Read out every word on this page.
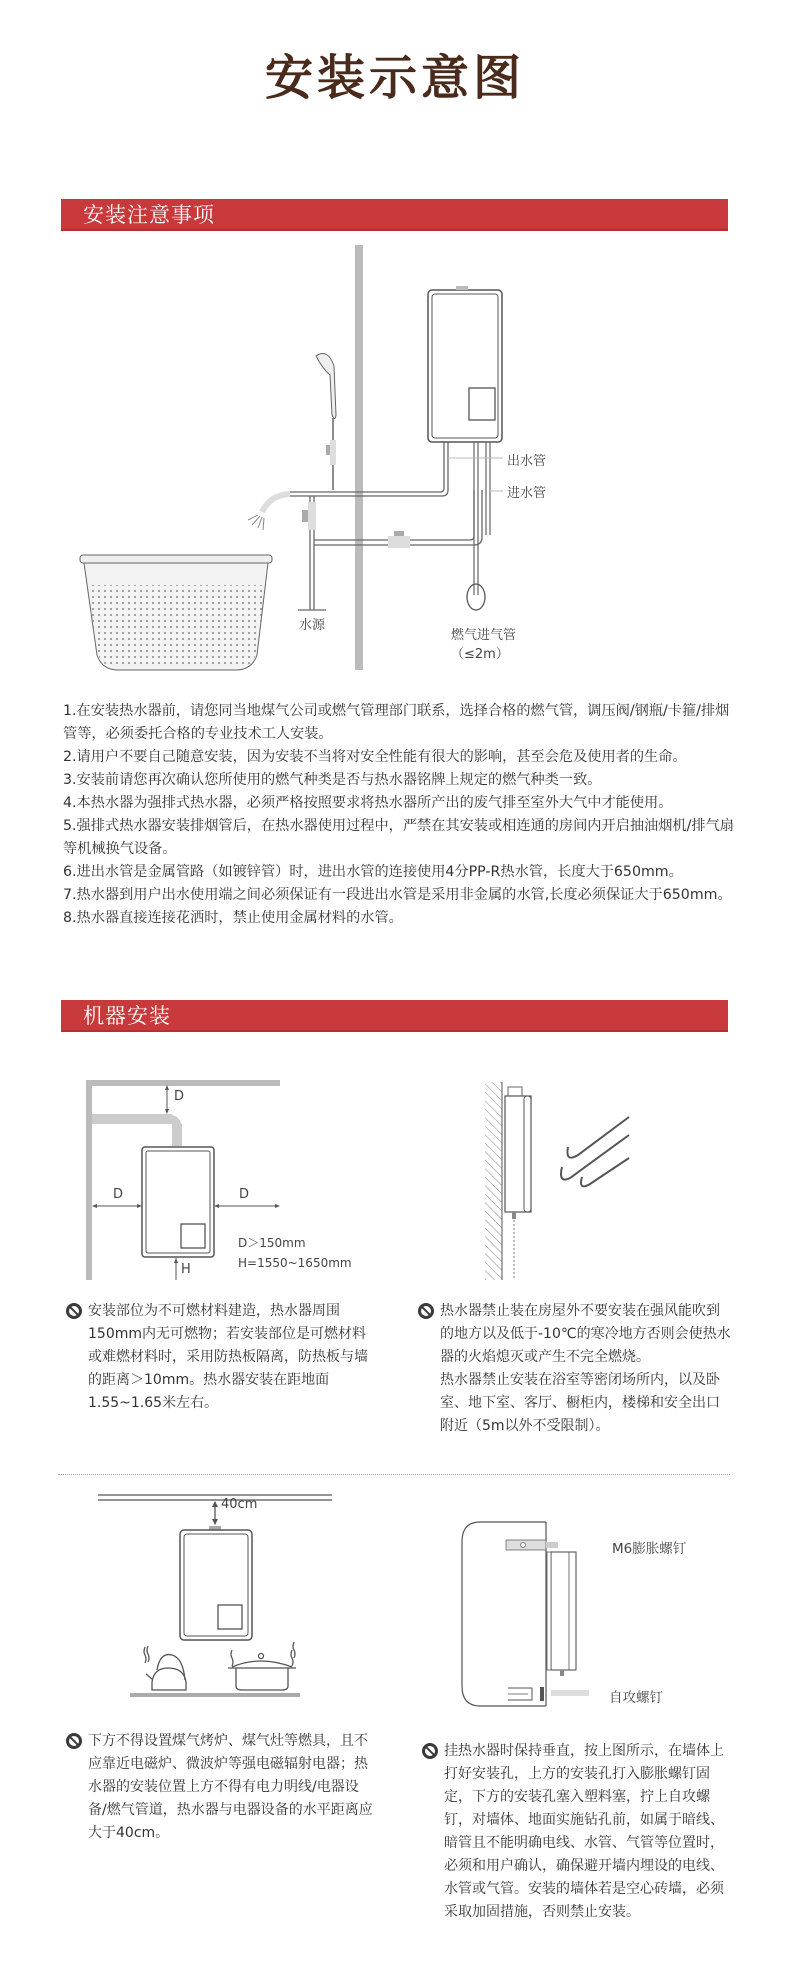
安装示意图
安装注意事项
出水管
进水管
水源
燃气进气管
（≤2m）

1.在安装热水器前，请您同当地煤气公司或燃气管理部门联系，选择合格的燃气管，调压阀/钢瓶/卡箍/排烟管等，必须委托合格的专业技术工人安装。

2.请用户不要自己随意安装，因为安装不当将对安全性能有很大的影响，甚至会危及使用者的生命。

3.安装前请您再次确认您所使用的燃气种类是否与热水器铭牌上规定的燃气种类一致。

4.本热水器为强排式热水器，必须严格按照要求将热水器所产出的废气排至室外大气中才能使用。

5.强排式热水器安装排烟管后，在热水器使用过程中，严禁在其安装或相连通的房间内开启抽油烟机/排气扇等机械换气设备。

6.进出水管是金属管路（如镀锌管）时，进出水管的连接使用4分PP-R热水管，长度大于650mm。

7.热水器到用户出水使用端之间必须保证有一段进出水管是采用非金属的水管,长度必须保证大于650mm。

8.热水器直接连接花洒时，禁止使用金属材料的水管。

机器安装
D
D	D
H
D＞150mm
H=1550~1650mm
安装部位为不可燃材料建造，热水器周围150mm内无可燃物；若安装部位是可燃材料或难燃材料时，采用防热板隔离，防热板与墙的距离＞10mm。热水器安装在距地面1.55~1.65米左右。
热水器禁止装在房屋外不要安装在强风能吹到的地方以及低于-10℃的寒冷地方否则会使热水器的火焰熄灭或产生不完全燃烧。
热水器禁止安装在浴室等密闭场所内，以及卧室、地下室、客厅、橱柜内，楼梯和安全出口附近（5m以外不受限制）。
40cm
下方不得设置煤气烤炉、煤气灶等燃具，且不应靠近电磁炉、微波炉等强电磁辐射电器；热水器的安装位置上方不得有电力明线/电器设备/燃气管道，热水器与电器设备的水平距离应大于40cm。
M6膨胀螺钉
自攻螺钉
挂热水器时保持垂直，按上图所示，在墙体上打好安装孔，上方的安装孔打入膨胀螺钉固定，下方的安装孔塞入塑料塞，拧上自攻螺钉，对墙体、地面实施钻孔前，如属于暗线、暗管且不能明确电线、水管、气管等位置时，必须和用户确认，确保避开墙内埋设的电线、水管或气管。安装的墙体若是空心砖墙，必须采取加固措施，否则禁止安装。
